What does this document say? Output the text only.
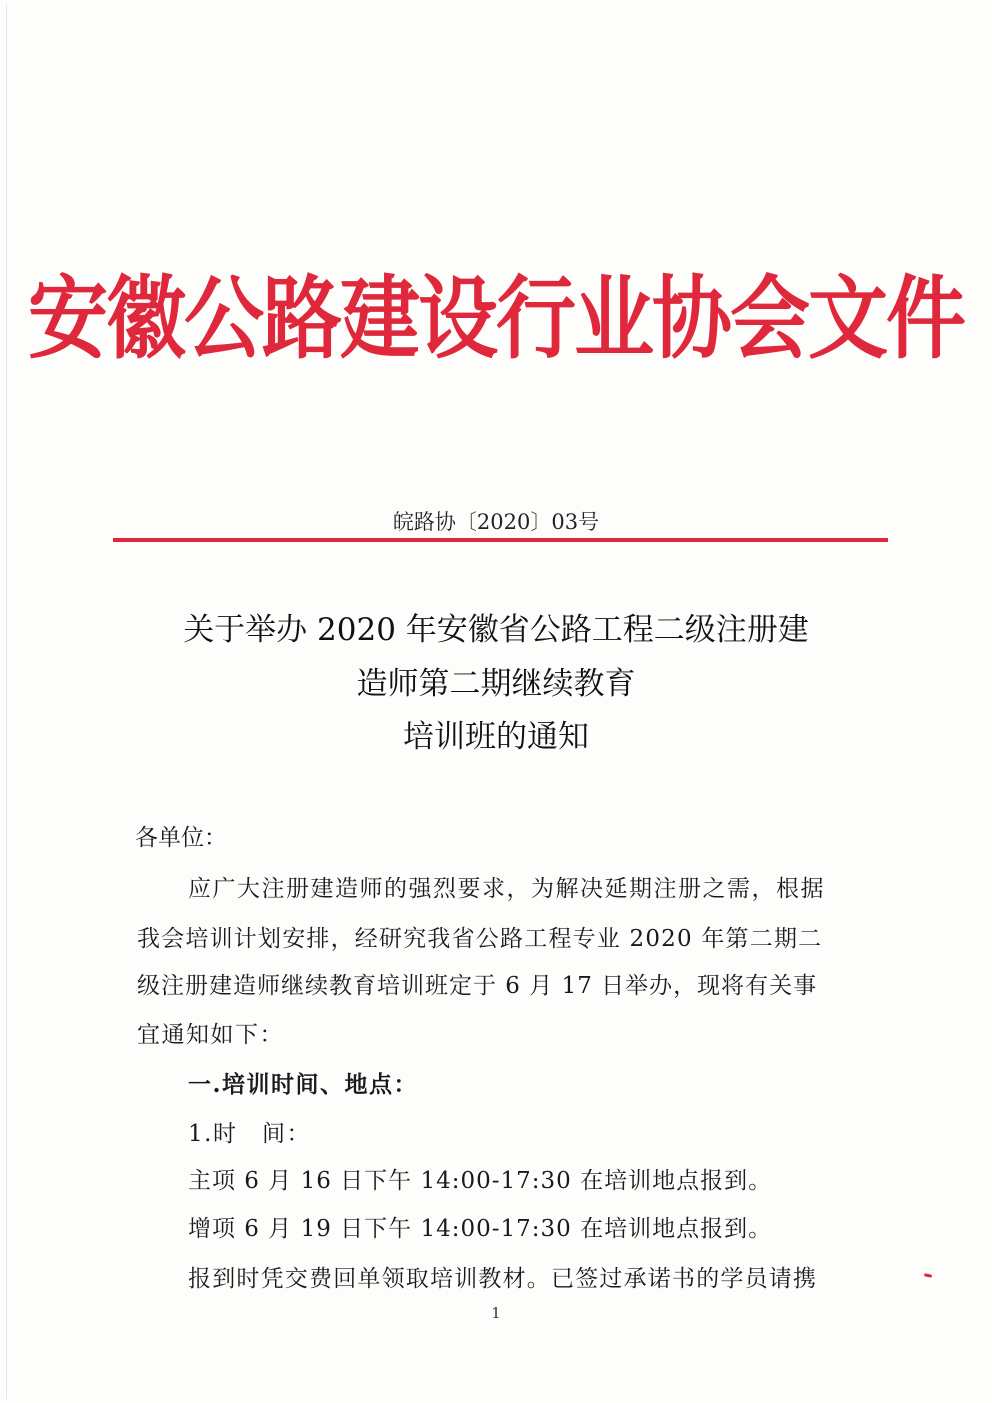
安徽公路建设行业协会文件
皖路协〔2020〕03号
关于举办 2020 年安徽省公路工程二级注册建
造师第二期继续教育
培训班的通知
各单位：
应广大注册建造师的强烈要求，为解决延期注册之需，根据
我会培训计划安排，经研究我省公路工程专业 2020 年第二期二
级注册建造师继续教育培训班定于 6 月 17 日举办，现将有关事
宜通知如下：
一.培训时间、地点：
1.时　间：
主项 6 月 16 日下午 14:00-17:30 在培训地点报到。
增项 6 月 19 日下午 14:00-17:30 在培训地点报到。
报到时凭交费回单领取培训教材。已签过承诺书的学员请携
1
